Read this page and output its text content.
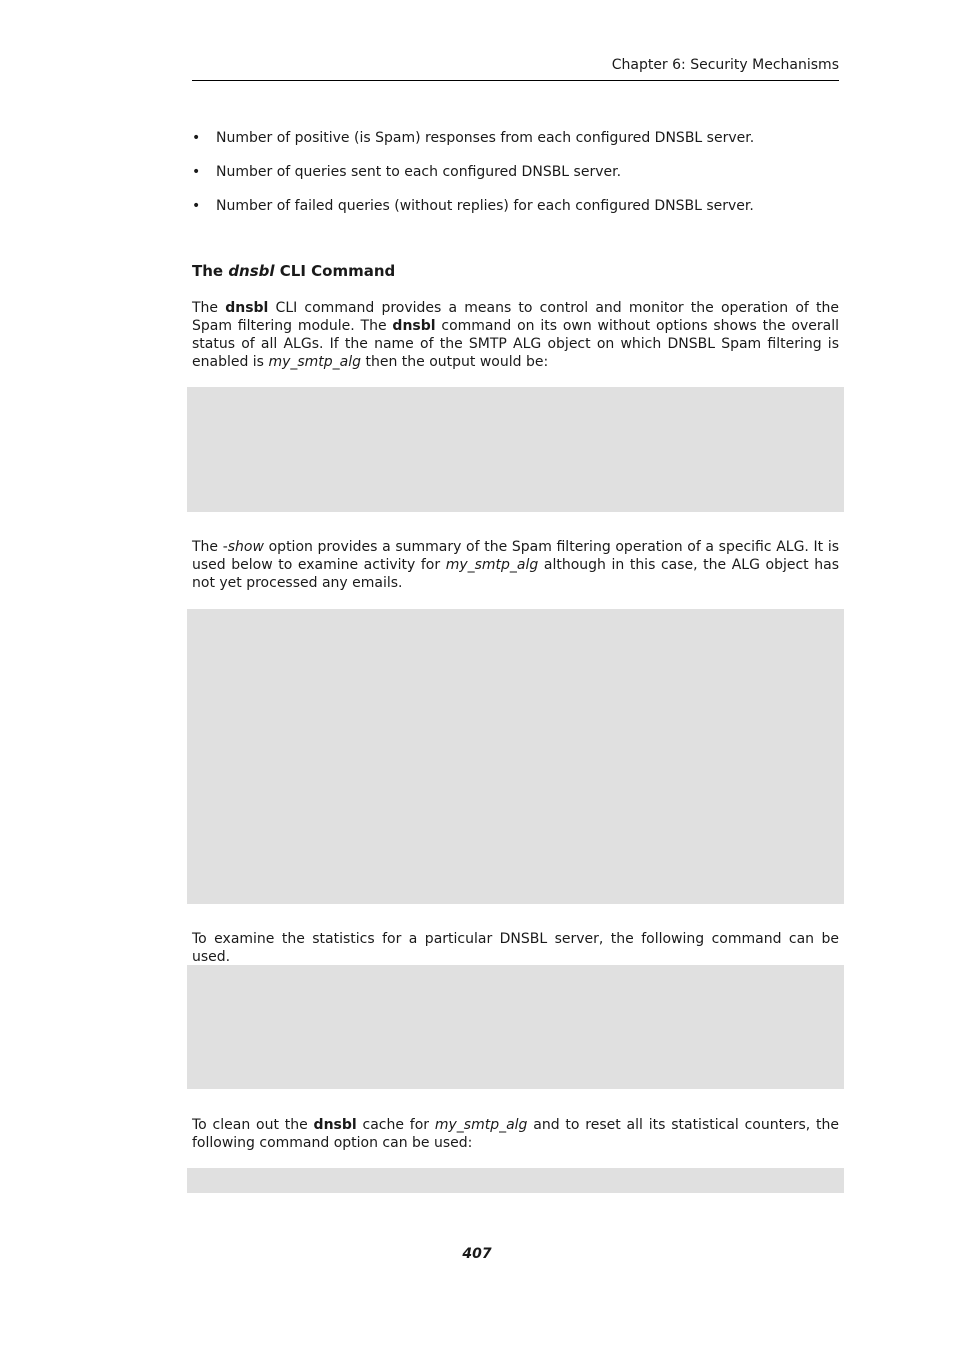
Chapter 6: Security Mechanisms
• Number of positive (is Spam) responses from each configured DNSBL server.
• Number of queries sent to each configured DNSBL server.
• Number of failed queries (without replies) for each configured DNSBL server.
The dnsbl CLI Command

The dnsbl CLI command provides a means to control and monitor the operation of the Spam filtering module. The dnsbl command on its own without options shows the overall status of all ALGs. If the name of the SMTP ALG object on which DNSBL Spam filtering is enabled is my_smtp_alg then the output would be:

The -show option provides a summary of the Spam filtering operation of a specific ALG. It is used below to examine activity for my_smtp_alg although in this case, the ALG object has not yet processed any emails.

To examine the statistics for a particular DNSBL server, the following command can be used.

To clean out the dnsbl cache for my_smtp_alg and to reset all its statistical counters, the following command option can be used:

407
